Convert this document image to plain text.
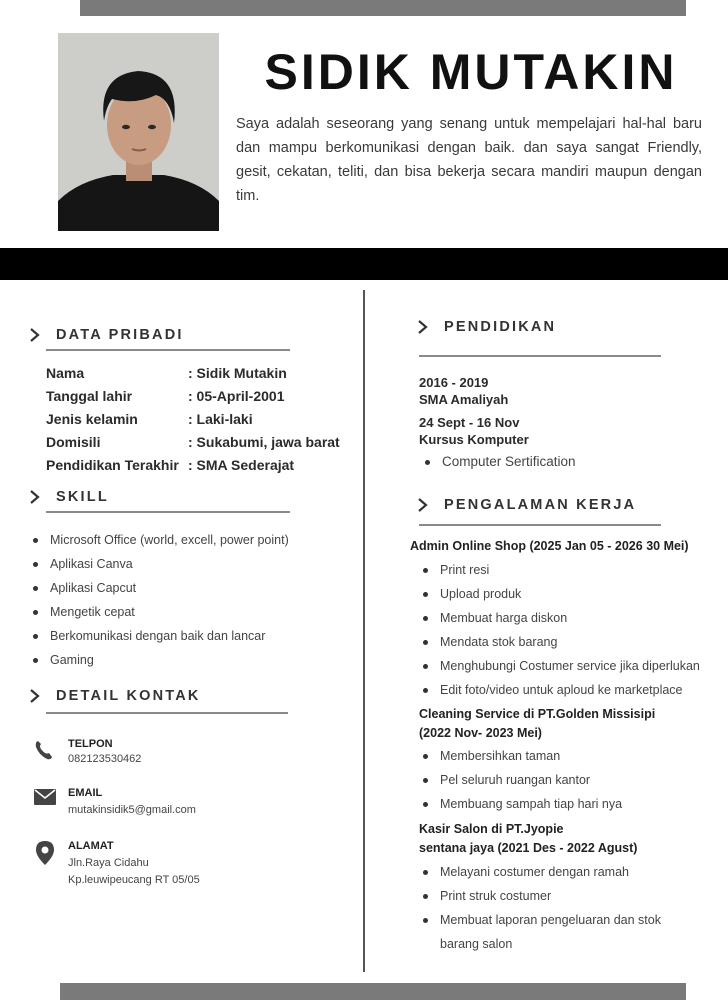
SIDIK MUTAKIN
Saya adalah seseorang yang senang untuk mempelajari hal-hal baru dan mampu berkomunikasi dengan baik. dan saya sangat Friendly, gesit, cekatan, teliti, dan bisa bekerja secara mandiri maupun dengan tim.
DATA PRIBADI
Nama	: Sidik Mutakin
Tanggal lahir	: 05-April-2001
Jenis kelamin	: Laki-laki
Domisili	: Sukabumi, jawa barat
Pendidikan Terakhir : SMA Sederajat
SKILL
Microsoft Office (world, excell, power point)
Aplikasi Canva
Aplikasi Capcut
Mengetik cepat
Berkomunikasi dengan baik dan lancar
Gaming
DETAIL KONTAK
TELPON
082123530462
EMAIL
mutakinsidik5@gmail.com
ALAMAT
Jln.Raya Cidahu
Kp.leuwipeucang RT 05/05
PENDIDIKAN
2016 - 2019
SMA Amaliyah
24 Sept - 16 Nov
Kursus Komputer
Computer Sertification
PENGALAMAN KERJA
Admin Online Shop (2025 Jan 05 - 2026 30 Mei)
Print resi
Upload produk
Membuat harga diskon
Mendata stok barang
Menghubungi Costumer service jika diperlukan
Edit foto/video untuk aploud ke marketplace
Cleaning Service di PT.Golden Missisipi
(2022 Nov- 2023 Mei)
Membersihkan taman
Pel seluruh ruangan kantor
Membuang sampah tiap hari nya
Kasir Salon di PT.Jyopie
sentana jaya (2021 Des - 2022 Agust)
Melayani costumer dengan ramah
Print struk costumer
Membuat laporan pengeluaran dan stok
barang salon
